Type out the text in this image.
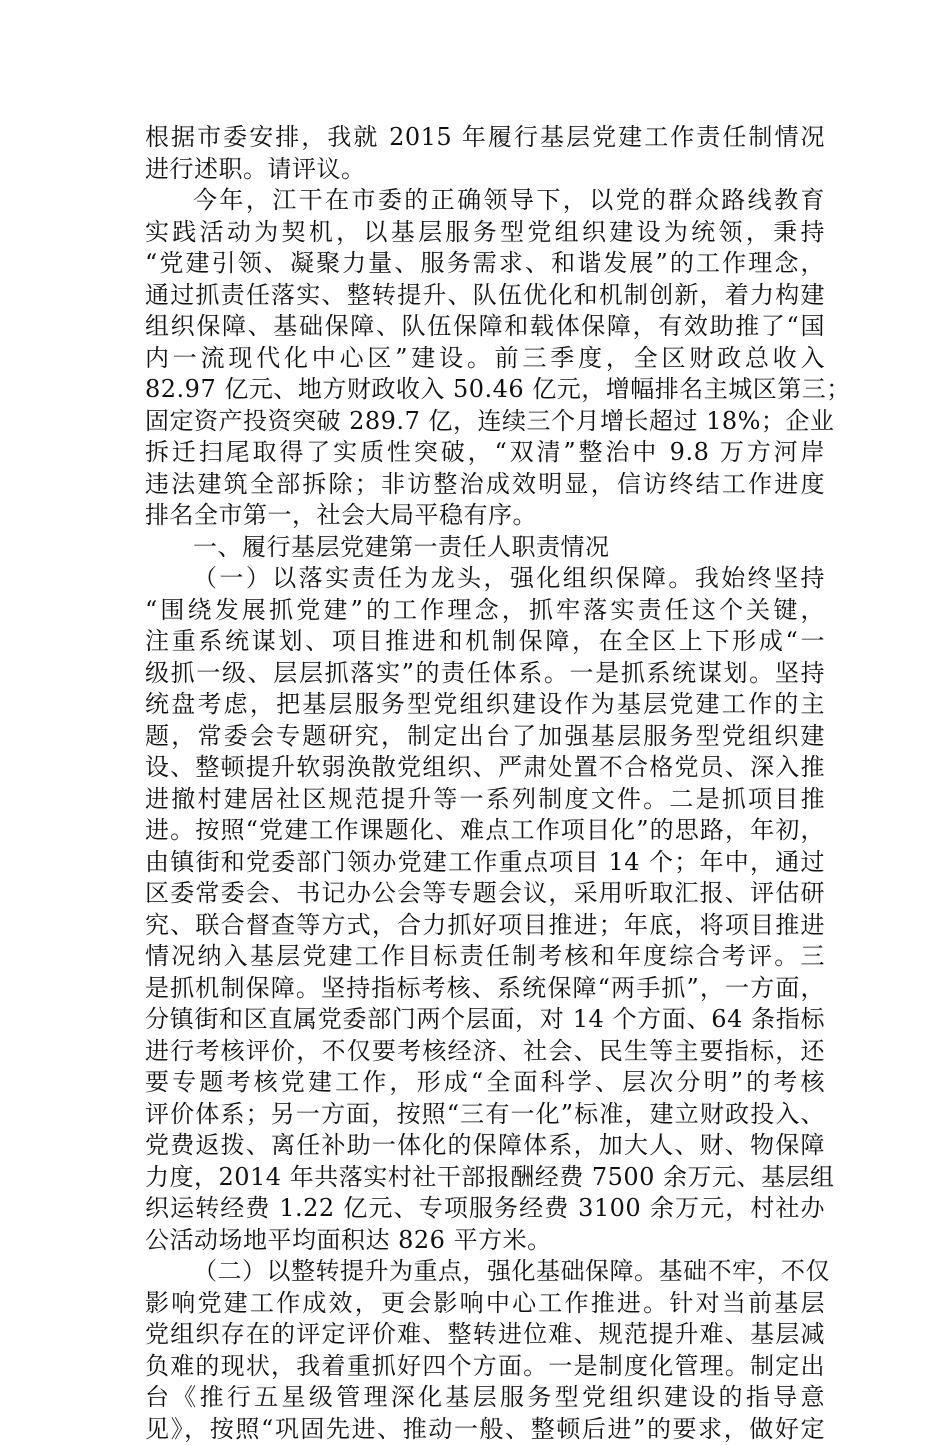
根据市委安排，我就 2015 年履行基层党建工作责任制情况
进行述职。请评议。
今年，江干在市委的正确领导下，以党的群众路线教育
实践活动为契机，以基层服务型党组织建设为统领，秉持
“党建引领、凝聚力量、服务需求、和谐发展”的工作理念，
通过抓责任落实、整转提升、队伍优化和机制创新，着力构建
组织保障、基础保障、队伍保障和载体保障，有效助推了“国
内一流现代化中心区”建设。前三季度，全区财政总收入
82.97 亿元、地方财政收入 50.46 亿元，增幅排名主城区第三；
固定资产投资突破 289.7 亿，连续三个月增长超过 18%；企业
拆迁扫尾取得了实质性突破，“双清”整治中 9.8 万方河岸
违法建筑全部拆除；非访整治成效明显，信访终结工作进度
排名全市第一，社会大局平稳有序。
一、履行基层党建第一责任人职责情况
（一）以落实责任为龙头，强化组织保障。我始终坚持
“围绕发展抓党建”的工作理念，抓牢落实责任这个关键，
注重系统谋划、项目推进和机制保障，在全区上下形成“一
级抓一级、层层抓落实”的责任体系。一是抓系统谋划。坚持
统盘考虑，把基层服务型党组织建设作为基层党建工作的主
题，常委会专题研究，制定出台了加强基层服务型党组织建
设、整顿提升软弱涣散党组织、严肃处置不合格党员、深入推
进撤村建居社区规范提升等一系列制度文件。二是抓项目推
进。按照“党建工作课题化、难点工作项目化”的思路，年初，
由镇街和党委部门领办党建工作重点项目 14 个；年中，通过
区委常委会、书记办公会等专题会议，采用听取汇报、评估研
究、联合督查等方式，合力抓好项目推进；年底，将项目推进
情况纳入基层党建工作目标责任制考核和年度综合考评。三
是抓机制保障。坚持指标考核、系统保障“两手抓”，一方面，
分镇街和区直属党委部门两个层面，对 14 个方面、64 条指标
进行考核评价，不仅要考核经济、社会、民生等主要指标，还
要专题考核党建工作，形成“全面科学、层次分明”的考核
评价体系；另一方面，按照“三有一化”标准，建立财政投入、
党费返拨、离任补助一体化的保障体系，加大人、财、物保障
力度，2014 年共落实村社干部报酬经费 7500 余万元、基层组
织运转经费 1.22 亿元、专项服务经费 3100 余万元，村社办
公活动场地平均面积达 826 平方米。
（二）以整转提升为重点，强化基础保障。基础不牢，不仅
影响党建工作成效，更会影响中心工作推进。针对当前基层
党组织存在的评定评价难、整转进位难、规范提升难、基层减
负难的现状，我着重抓好四个方面。一是制度化管理。制定出
台《推行五星级管理深化基层服务型党组织建设的指导意
见》，按照“巩固先进、推动一般、整顿后进”的要求，做好定
